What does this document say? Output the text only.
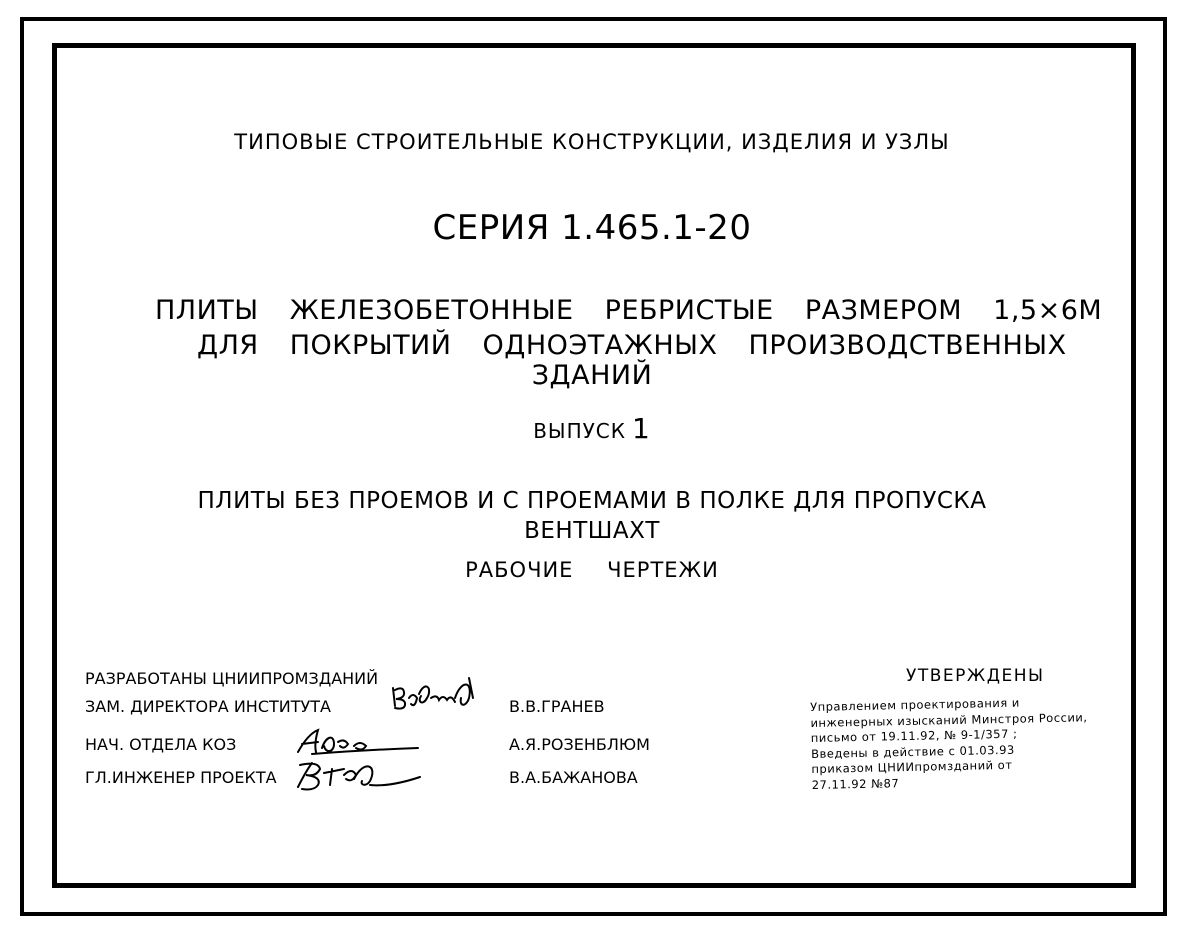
ТИПОВЫЕ СТРОИТЕЛЬНЫЕ КОНСТРУКЦИИ, ИЗДЕЛИЯ И УЗЛЫ
СЕРИЯ 1.465.1-20
ПЛИТЫ ЖЕЛЕЗОБЕТОННЫЕ РЕБРИСТЫЕ РАЗМЕРОМ 1,5×6М
ДЛЯ ПОКРЫТИЙ ОДНОЭТАЖНЫХ ПРОИЗВОДСТВЕННЫХ
ЗДАНИЙ
ВЫПУСК 1
ПЛИТЫ БЕЗ ПРОЕМОВ И С ПРОЕМАМИ В ПОЛКЕ ДЛЯ ПРОПУСКА
ВЕНТШАХТ
РАБОЧИЕ ЧЕРТЕЖИ
РАЗРАБОТАНЫ ЦНИИПРОМЗДАНИЙ
ЗАМ. ДИРЕКТОРА ИНСТИТУТА
НАЧ. ОТДЕЛА КОЗ
ГЛ.ИНЖЕНЕР ПРОЕКТА
В.В.ГРАНЕВ
А.Я.РОЗЕНБЛЮМ
В.А.БАЖАНОВА
УТВЕРЖДЕНЫ
Управлением проектирования и
инженерных изысканий Минстроя России,
письмо от 19.11.92, № 9-1/357 ;
Введены в действие с 01.03.93
приказом ЦНИИпромзданий от
27.11.92 №87
